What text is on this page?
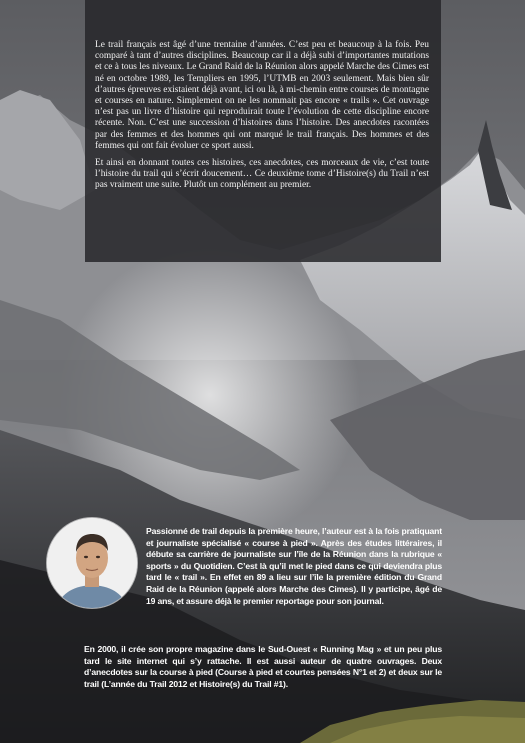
Le trail français est âgé d’une trentaine d’années. C’est peu et beaucoup à la fois. Peu comparé à tant d’autres disciplines. Beaucoup car il a déjà subi d’importantes mutations et ce à tous les niveaux. Le Grand Raid de la Réunion alors appelé Marche des Cimes est né en octobre 1989, les Templiers en 1995, l’UTMB en 2003 seulement. Mais bien sûr d’autres épreuves existaient déjà avant, ici ou là, à mi-chemin entre courses de montagne et courses en nature. Simplement on ne les nommait pas encore « trails ». Cet ouvrage n’est pas un livre d’histoire qui reproduirait toute l’évolution de cette discipline encore récente. Non. C’est une succession d’histoires dans l’histoire. Des anecdotes racontées par des femmes et des hommes qui ont marqué le trail français. Des hommes et des femmes qui ont fait évoluer ce sport aussi.

Et ainsi en donnant toutes ces histoires, ces anecdotes, ces morceaux de vie, c’est toute l’histoire du trail qui s’écrit doucement… Ce deuxième tome d’Histoire(s) du Trail n’est pas vraiment une suite. Plutôt un complément au premier.

Passionné de trail depuis la première heure, l’auteur est à la fois pratiquant et journaliste spécialisé « course à pied ». Après des études littéraires, il débute sa carrière de journaliste sur l’île de la Réunion dans la rubrique « sports » du Quotidien. C’est là qu’il met le pied dans ce qui deviendra plus tard le « trail ». En effet en 89 a lieu sur l’île la première édition du Grand Raid de la Réunion (appelé alors Marche des Cimes). Il y participe, âgé de 19 ans, et assure déjà le premier reportage pour son journal.

En 2000, il crée son propre magazine dans le Sud-Ouest « Running Mag » et un peu plus tard le site internet qui s’y rattache. Il est aussi auteur de quatre ouvrages. Deux d’anecdotes sur la course à pied (Course à pied et courtes pensées N°1 et 2) et deux sur le trail (L’année du Trail 2012 et Histoire(s) du Trail #1).
